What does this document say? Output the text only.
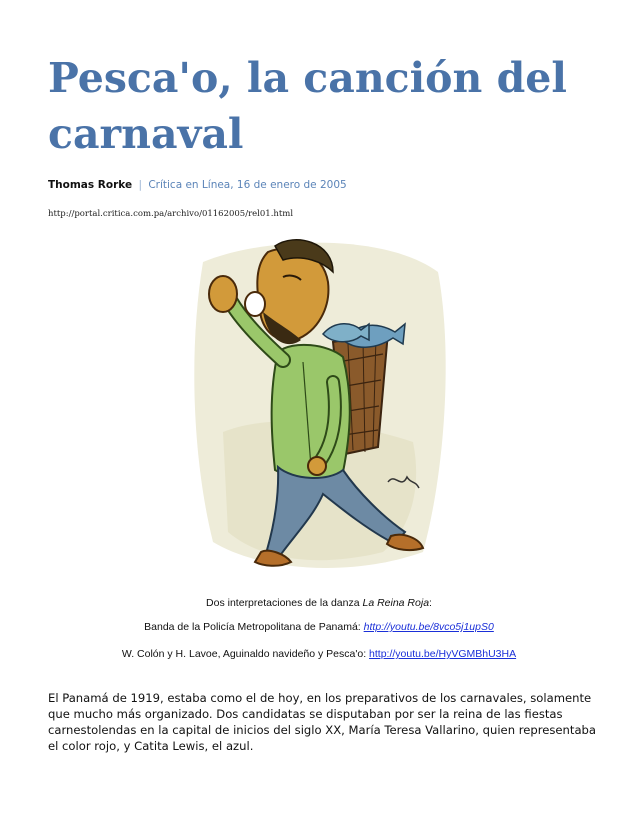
Pesca'o, la canción del carnaval
Thomas Rorke | Crítica en Línea, 16 de enero de 2005
http://portal.critica.com.pa/archivo/01162005/rel01.html
Dos interpretaciones de la danza La Reina Roja:
Banda de la Policía Metropolitana de Panamá: http://youtu.be/8vco5j1upS0
W. Colón y H. Lavoe, Aguinaldo navideño y Pesca'o: http://youtu.be/HyVGMBhU3HA

El Panamá de 1919, estaba como el de hoy, en los preparativos de los carnavales, solamente que mucho más organizado. Dos candidatas se disputaban por ser la reina de las fiestas carnestolendas en la capital de inicios del siglo XX, María Teresa Vallarino, quien representaba el color rojo, y Catita Lewis, el azul.
